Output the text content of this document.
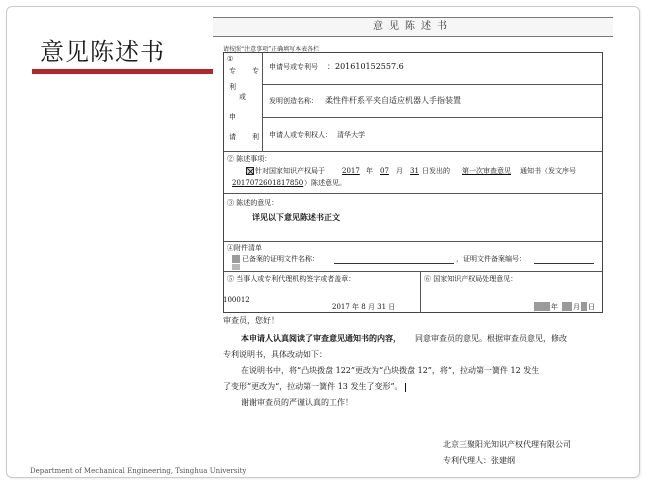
意见陈述书
意见陈述书
请按照“注意事项”正确填写本表各栏
①
专 专
利
或
申
请 利
申请号或专利号 ：201610152557.6
发明创造名称： 柔性件杆系平夹自适应机器人手指装置
申请人或专利权人： 清华大学
② 陈述事项：
针对国家知识产权局于 2017 年 07 月 31 日发出的 第一次审查意见 通知书（发文序号
2017072601817850 ）陈述意见。
③ 陈述的意见：
详见以下意见陈述书正文
④附件清单
已备案的证明文件名称：	，证明文件备案编号：
⑤ 当事人或专利代理机构签字或者盖章：
2017 年 8 月 31 日
⑥ 国家知识产权局处理意见：
年 月 日
100012
审查员，您好！
本申请人认真阅读了审查意见通知书的内容， 同意审查员的意见。根据审查员意见，修改
专利说明书，具体改动如下：
在说明书中，将“凸块拨盘 122”更改为“凸块拨盘 12”，将“，拉动第一簧件 12 发生
了变形”更改为“，拉动第一簧件 13 发生了变形”。
谢谢审查员的严谨认真的工作！
北京三聚阳光知识产权代理有限公司
专利代理人：张建纲
Department of Mechanical Engineering, Tsinghua University
